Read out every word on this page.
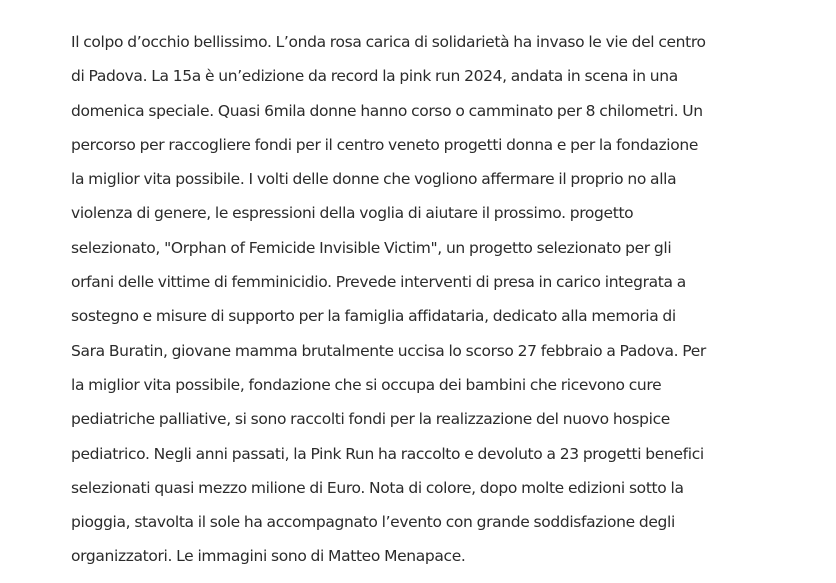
Il colpo d’occhio bellissimo. L’onda rosa carica di solidarietà ha invaso le vie del centro
di Padova. La 15a è un’edizione da record la pink run 2024, andata in scena in una
domenica speciale. Quasi 6mila donne hanno corso o camminato per 8 chilometri. Un
percorso per raccogliere fondi per il centro veneto progetti donna e per la fondazione
la miglior vita possibile. I volti delle donne che vogliono affermare il proprio no alla
violenza di genere, le espressioni della voglia di aiutare il prossimo. progetto
selezionato, "Orphan of Femicide Invisible Victim", un progetto selezionato per gli
orfani delle vittime di femminicidio. Prevede interventi di presa in carico integrata a
sostegno e misure di supporto per la famiglia affidataria, dedicato alla memoria di
Sara Buratin, giovane mamma brutalmente uccisa lo scorso 27 febbraio a Padova. Per
la miglior vita possibile, fondazione che si occupa dei bambini che ricevono cure
pediatriche palliative, si sono raccolti fondi per la realizzazione del nuovo hospice
pediatrico. Negli anni passati, la Pink Run ha raccolto e devoluto a 23 progetti benefici
selezionati quasi mezzo milione di Euro. Nota di colore, dopo molte edizioni sotto la
pioggia, stavolta il sole ha accompagnato l’evento con grande soddisfazione degli
organizzatori. Le immagini sono di Matteo Menapace.
